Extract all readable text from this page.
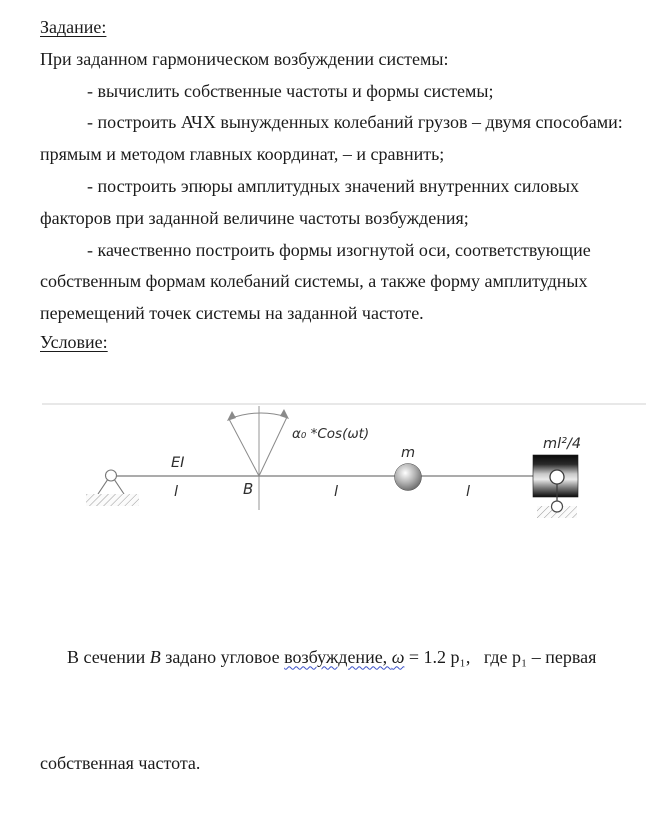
Задание:

При заданном гармоническом возбуждении системы:

- вычислить собственные частоты и формы системы;

- построить АЧХ вынужденных колебаний грузов – двумя способами:

прямым и методом главных координат, – и сравнить;

- построить эпюры амплитудных значений внутренних силовых

факторов при заданной величине частоты возбуждения;

- качественно построить формы изогнутой оси, соответствующие

собственным формам колебаний системы, а также форму амплитудных

перемещений точек системы на заданной частоте.

Условие:

EI
l	B
α₀ *Cos(ωt)
l
m
l
ml²/4

В сечении B задано угловое возбуждение, ω = 1.2 p₁,   где p₁ – первая

собственная частота.
